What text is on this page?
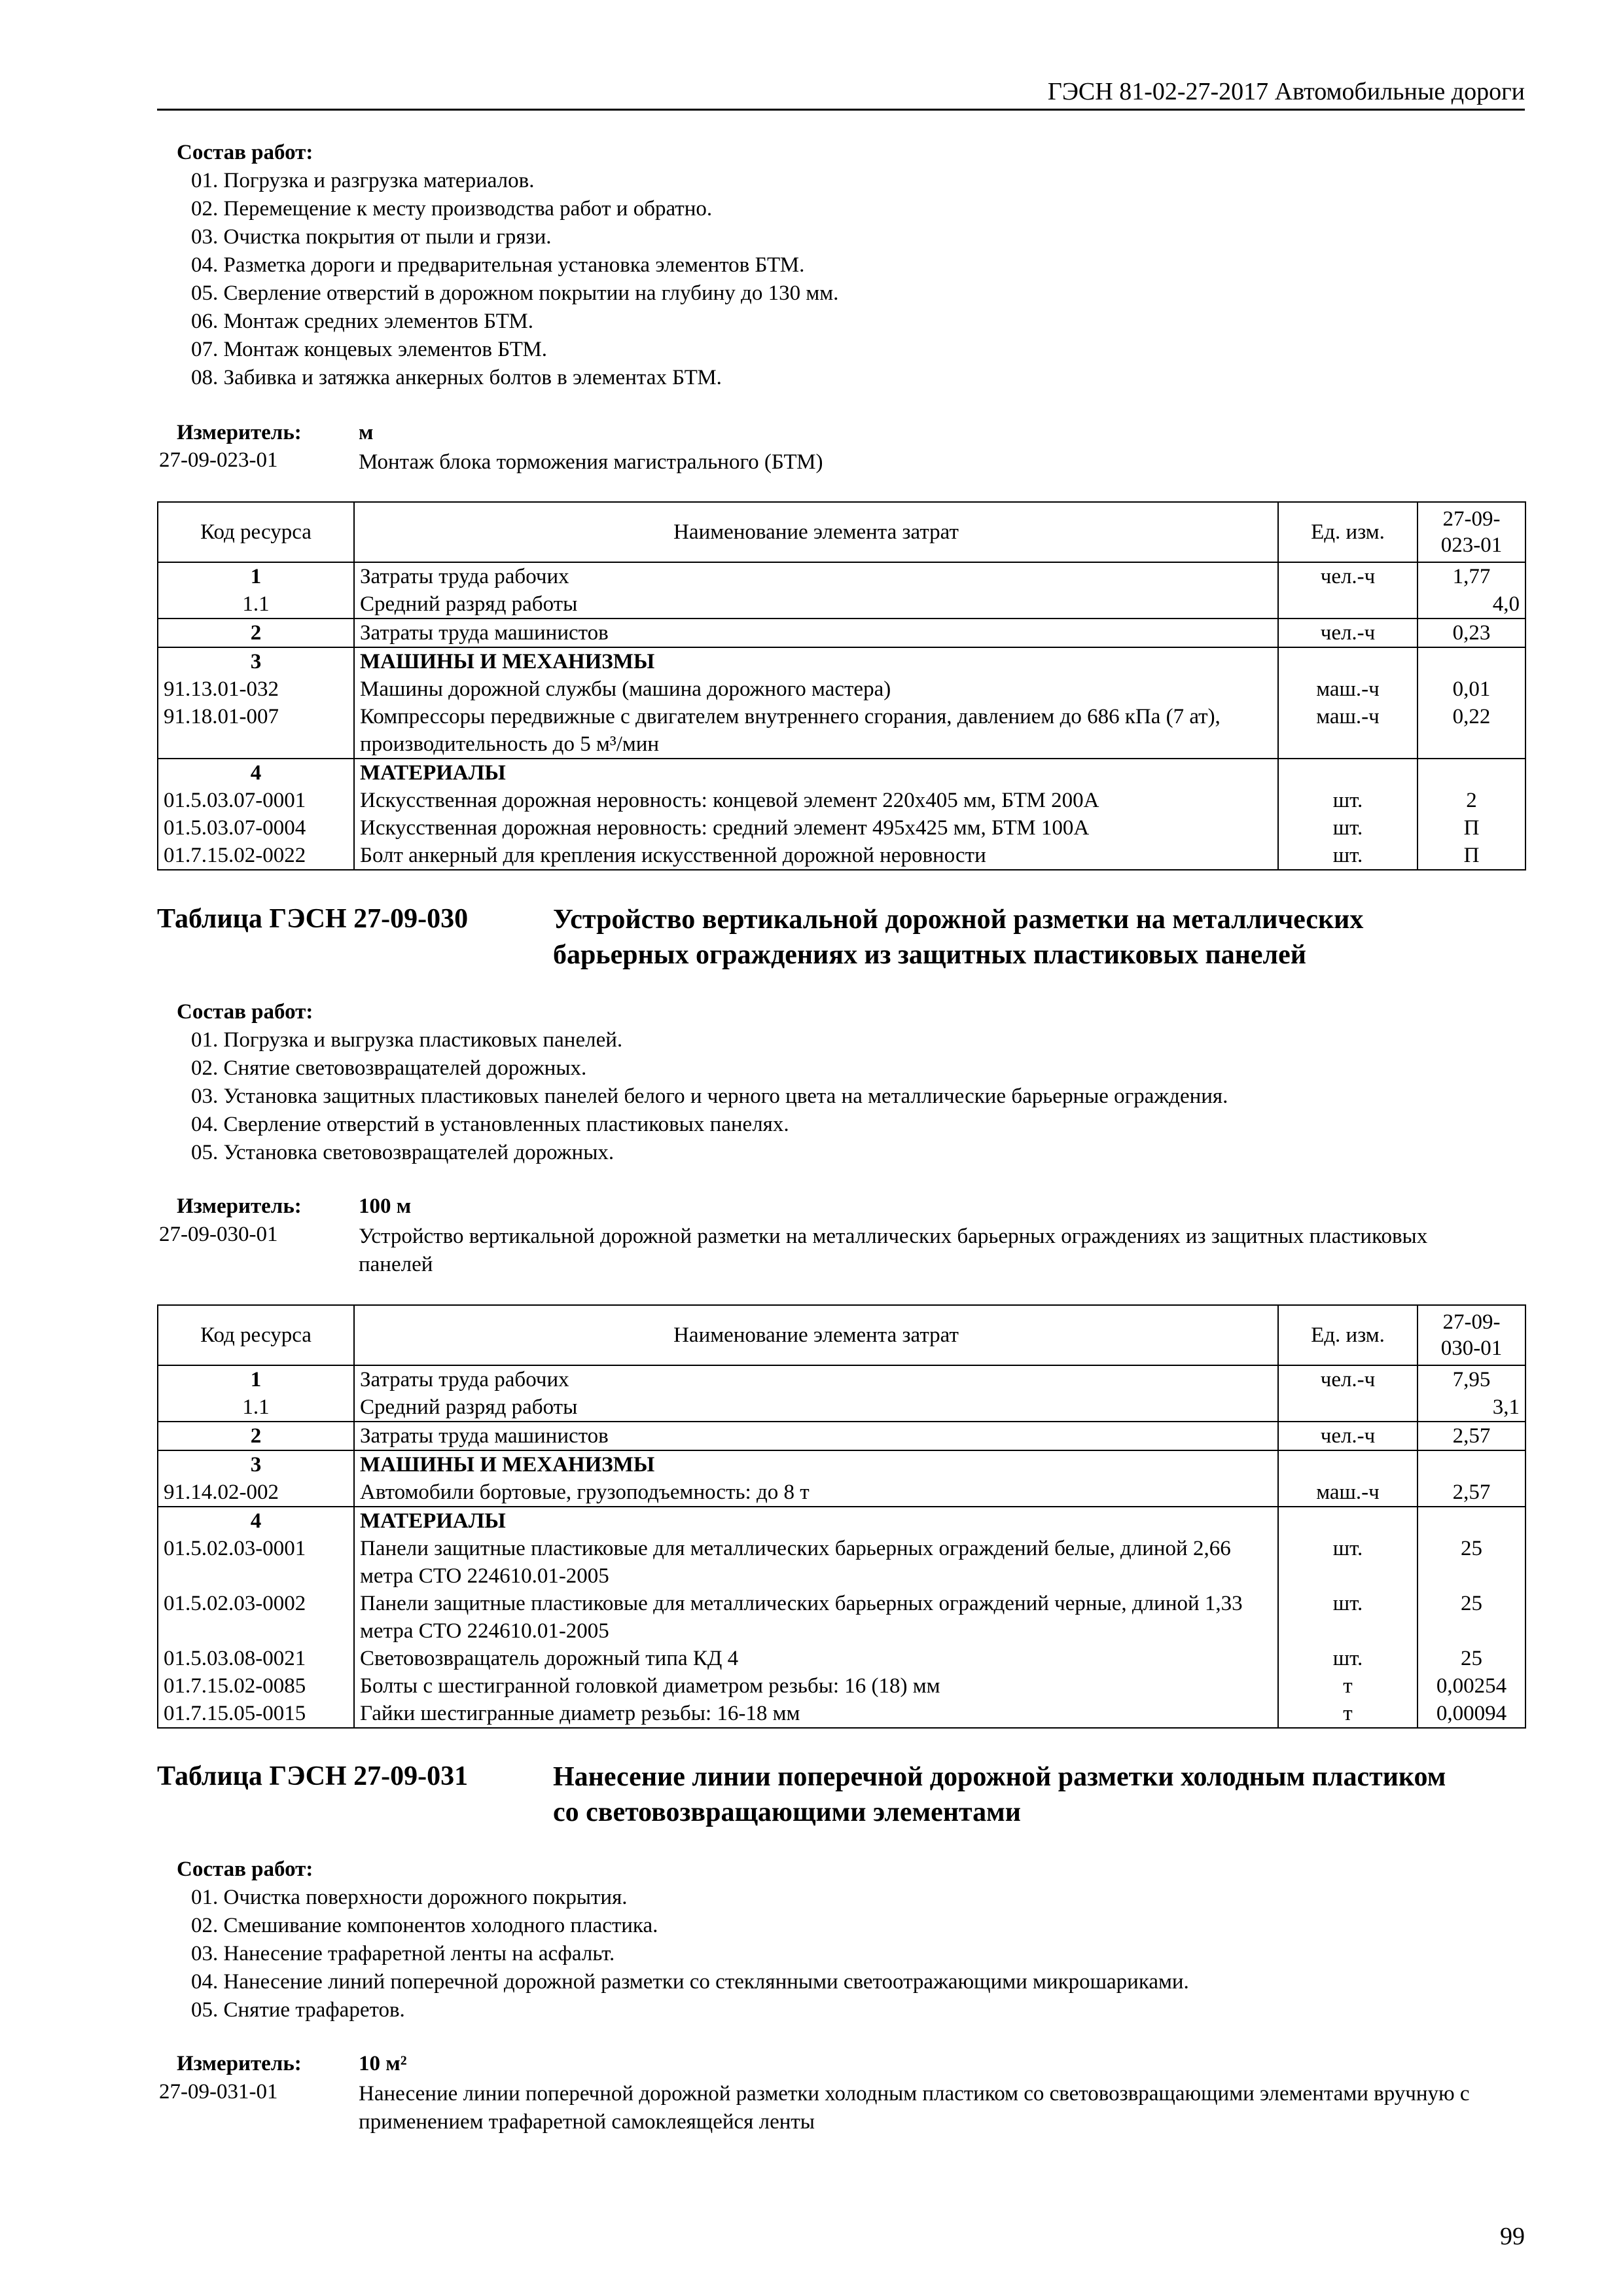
ГЭСН 81-02-27-2017 Автомобильные дороги
Состав работ:
01. Погрузка и разгрузка материалов.
02. Перемещение к месту производства работ и обратно.
03. Очистка покрытия от пыли и грязи.
04. Разметка дороги и предварительная установка элементов БТМ.
05. Сверление отверстий в дорожном покрытии на глубину до 130 мм.
06. Монтаж средних элементов БТМ.
07. Монтаж концевых элементов БТМ.
08. Забивка и затяжка анкерных болтов в элементах БТМ.
Измеритель:	м
27-09-023-01	Монтаж блока торможения магистрального (БТМ)
Код ресурса	Наименование элемента затрат	Ед. изм.	27-09-
023-01
1	Затраты труда рабочих	чел.-ч	1,77
1.1	Средний разряд работы		4,0
2	Затраты труда машинистов	чел.-ч	0,23
3	МАШИНЫ И МЕХАНИЗМЫ		
91.13.01-032	Машины дорожной службы (машина дорожного мастера)	маш.-ч	0,01
91.18.01-007	Компрессоры передвижные с двигателем внутреннего сгорания, давлением до 686 кПа (7 ат), производительность до 5 м³/мин	маш.-ч	0,22
4	МАТЕРИАЛЫ		
01.5.03.07-0001	Искусственная дорожная неровность: концевой элемент 220х405 мм, БТМ 200А	шт.	2
01.5.03.07-0004	Искусственная дорожная неровность: средний элемент 495х425 мм, БТМ 100А	шт.	П
01.7.15.02-0022	Болт анкерный для крепления искусственной дорожной неровности	шт.	П
Таблица ГЭСН 27-09-030	Устройство вертикальной дорожной разметки на металлических барьерных ограждениях из защитных пластиковых панелей
Состав работ:
01. Погрузка и выгрузка пластиковых панелей.
02. Снятие световозвращателей дорожных.
03. Установка защитных пластиковых панелей белого и черного цвета на металлические барьерные ограждения.
04. Сверление отверстий в установленных пластиковых панелях.
05. Установка световозвращателей дорожных.
Измеритель:	100 м
27-09-030-01	Устройство вертикальной дорожной разметки на металлических барьерных ограждениях из защитных пластиковых панелей
Код ресурса	Наименование элемента затрат	Ед. изм.	27-09-
030-01
1	Затраты труда рабочих	чел.-ч	7,95
1.1	Средний разряд работы		3,1
2	Затраты труда машинистов	чел.-ч	2,57
3	МАШИНЫ И МЕХАНИЗМЫ		
91.14.02-002	Автомобили бортовые, грузоподъемность: до 8 т	маш.-ч	2,57
4	МАТЕРИАЛЫ		
01.5.02.03-0001	Панели защитные пластиковые для металлических барьерных ограждений белые, длиной 2,66 метра СТО 224610.01-2005	шт.	25
01.5.02.03-0002	Панели защитные пластиковые для металлических барьерных ограждений черные, длиной 1,33 метра СТО 224610.01-2005	шт.	25
01.5.03.08-0021	Световозвращатель дорожный типа КД 4	шт.	25
01.7.15.02-0085	Болты с шестигранной головкой диаметром резьбы: 16 (18) мм	т	0,00254
01.7.15.05-0015	Гайки шестигранные диаметр резьбы: 16-18 мм	т	0,00094
Таблица ГЭСН 27-09-031	Нанесение линии поперечной дорожной разметки холодным пластиком со световозвращающими элементами
Состав работ:
01. Очистка поверхности дорожного покрытия.
02. Смешивание компонентов холодного пластика.
03. Нанесение трафаретной ленты на асфальт.
04. Нанесение линий поперечной дорожной разметки со стеклянными светоотражающими микрошариками.
05. Снятие трафаретов.
Измеритель:	10 м²
27-09-031-01	Нанесение линии поперечной дорожной разметки холодным пластиком со световозвращающими элементами вручную с применением трафаретной самоклеящейся ленты
99
